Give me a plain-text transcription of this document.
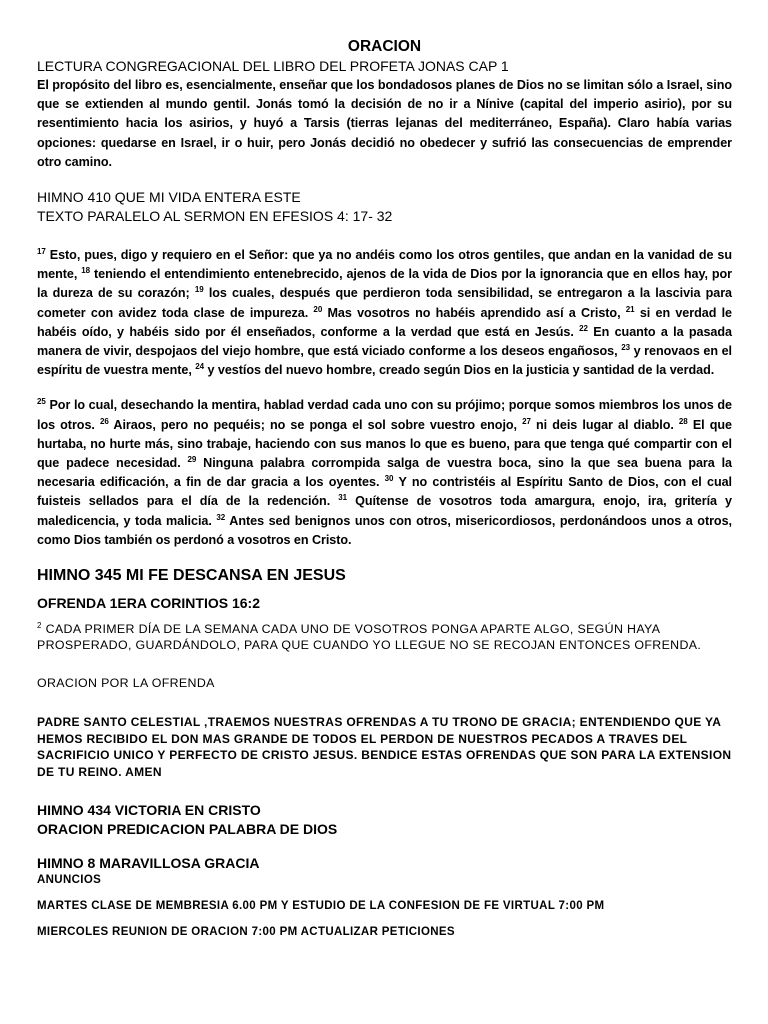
ORACION

LECTURA CONGREGACIONAL DEL LIBRO DEL PROFETA JONAS CAP 1

El propósito del libro es, esencialmente, enseñar que los bondadosos planes de Dios no se limitan sólo a Israel, sino que se extienden al mundo gentil. Jonás tomó la decisión de no ir a Nínive (capital del imperio asirio), por su resentimiento hacia los asirios, y huyó a Tarsis (tierras lejanas del mediterráneo, España). Claro había varias opciones: quedarse en Israel, ir o huir, pero Jonás decidió no obedecer y sufrió las consecuencias de emprender otro camino.

HIMNO 410 QUE MI VIDA ENTERA ESTE

TEXTO PARALELO AL SERMON EN EFESIOS 4: 17- 32

$^{17}$ Esto, pues, digo y requiero en el Señor: que ya no andéis como los otros gentiles, que andan en la vanidad de su mente, $^{18}$ teniendo el entendimiento entenebrecido, ajenos de la vida de Dios por la ignorancia que en ellos hay, por la dureza de su corazón; $^{19}$ los cuales, después que perdieron toda sensibilidad, se entregaron a la lascivia para cometer con avidez toda clase de impureza. $^{20}$ Mas vosotros no habéis aprendido así a Cristo, $^{21}$ si en verdad le habéis oído, y habéis sido por él enseñados, conforme a la verdad que está en Jesús. $^{22}$ En cuanto a la pasada manera de vivir, despojaos del viejo hombre, que está viciado conforme a los deseos engañosos, $^{23}$ y renovaos en el espíritu de vuestra mente, $^{24}$ y vestíos del nuevo hombre, creado según Dios en la justicia y santidad de la verdad.

$^{25}$ Por lo cual, desechando la mentira, hablad verdad cada uno con su prójimo; porque somos miembros los unos de los otros. $^{26}$ Airaos, pero no pequéis; no se ponga el sol sobre vuestro enojo, $^{27}$ ni deis lugar al diablo. $^{28}$ El que hurtaba, no hurte más, sino trabaje, haciendo con sus manos lo que es bueno, para que tenga qué compartir con el que padece necesidad. $^{29}$ Ninguna palabra corrompida salga de vuestra boca, sino la que sea buena para la necesaria edificación, a fin de dar gracia a los oyentes. $^{30}$ Y no contristéis al Espíritu Santo de Dios, con el cual fuisteis sellados para el día de la redención. $^{31}$ Quítense de vosotros toda amargura, enojo, ira, gritería y maledicencia, y toda malicia. $^{32}$ Antes sed benignos unos con otros, misericordiosos, perdonándoos unos a otros, como Dios también os perdonó a vosotros en Cristo.

HIMNO 345 MI FE DESCANSA EN JESUS

OFRENDA 1ERA CORINTIOS 16:2

$^2$ CADA PRIMER DÍA DE LA SEMANA CADA UNO DE VOSOTROS PONGA APARTE ALGO, SEGÚN HAYA PROSPERADO, GUARDÁNDOLO, PARA QUE CUANDO YO LLEGUE NO SE RECOJAN ENTONCES OFRENDA.

ORACION POR LA OFRENDA

PADRE SANTO CELESTIAL ,TRAEMOS NUESTRAS OFRENDAS A TU TRONO DE GRACIA; ENTENDIENDO QUE YA HEMOS RECIBIDO EL DON MAS GRANDE DE TODOS EL PERDON DE NUESTROS PECADOS A TRAVES DEL SACRIFICIO UNICO Y PERFECTO DE CRISTO JESUS. BENDICE ESTAS OFRENDAS QUE SON PARA LA EXTENSION DE TU REINO. AMEN

HIMNO 434 VICTORIA EN CRISTO

ORACION PREDICACION PALABRA DE DIOS

HIMNO 8 MARAVILLOSA GRACIA

ANUNCIOS

MARTES CLASE DE MEMBRESIA 6.00 PM Y ESTUDIO DE LA CONFESION DE FE VIRTUAL 7:00 PM

MIERCOLES REUNION DE ORACION 7:00 PM ACTUALIZAR PETICIONES
